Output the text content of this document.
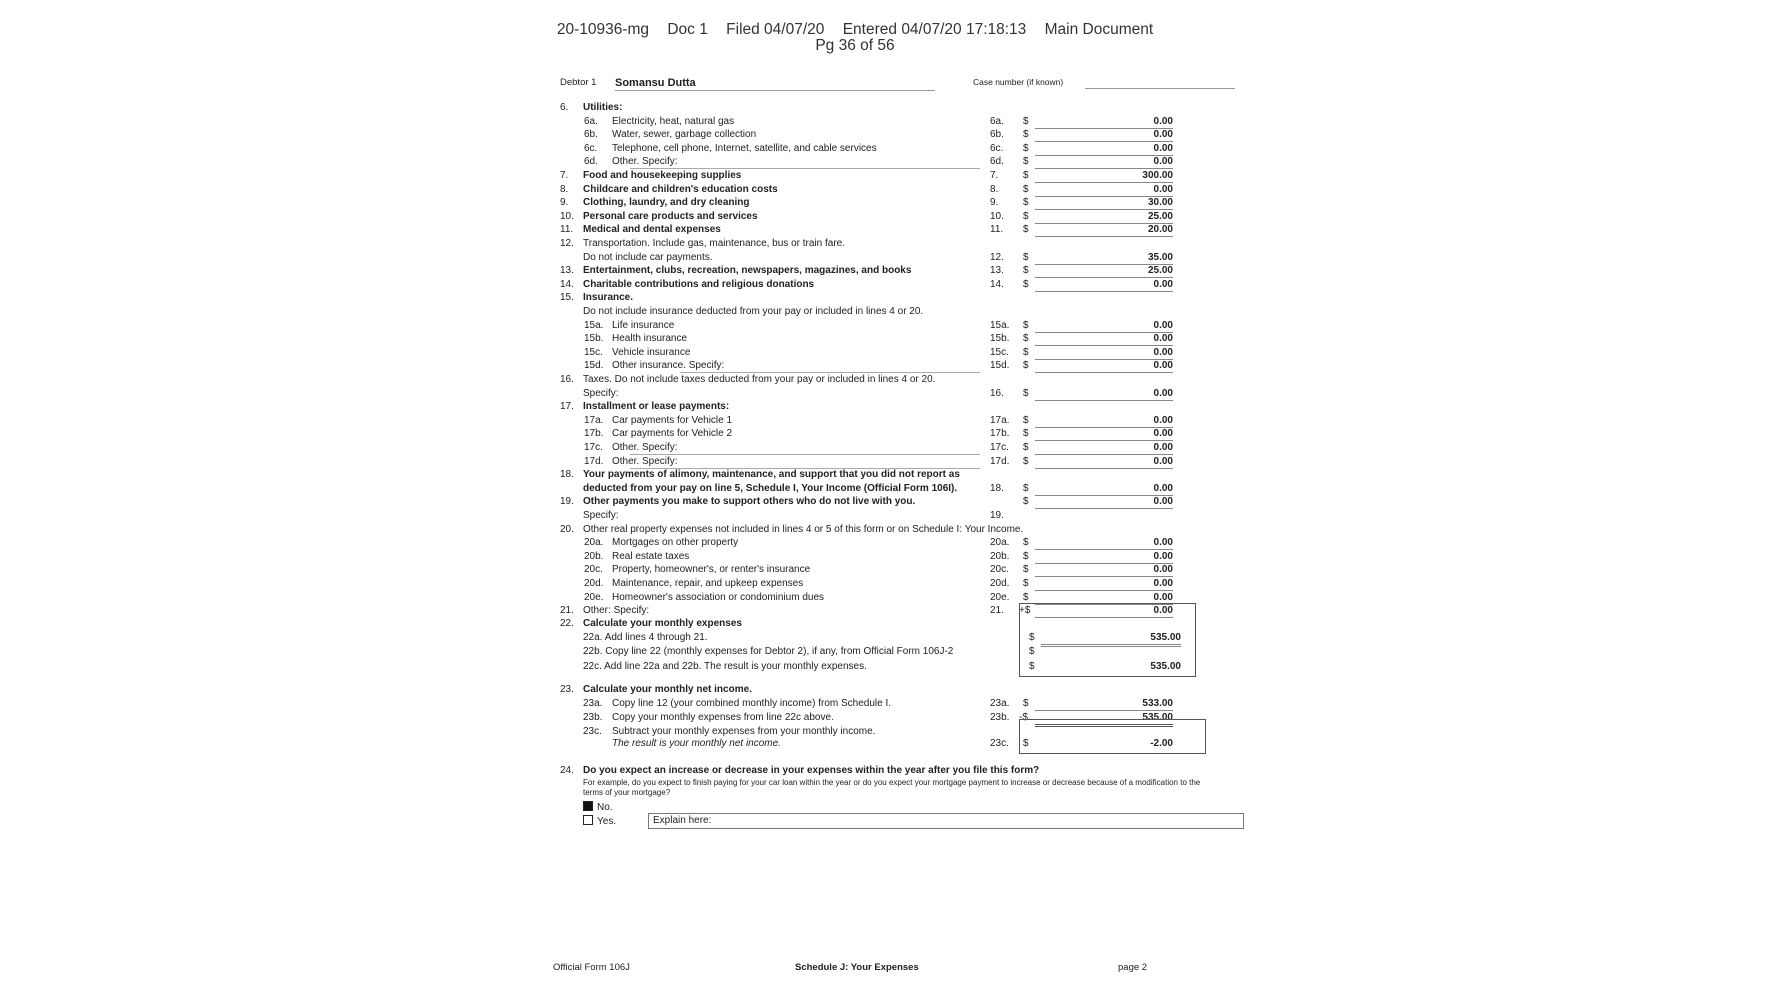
20-10936-mg Doc 1 Filed 04/07/20 Entered 04/07/20 17:18:13 Main Document
Pg 36 of 56
Debtor 1 Somansu Dutta	Case number (if known)
6.	Utilities:
6a.	Electricity, heat, natural gas	6a.	$	0.00
6b.	Water, sewer, garbage collection	6b.	$	0.00
6c.	Telephone, cell phone, Internet, satellite, and cable services	6c.	$	0.00
6d.	Other. Specify:	6d.	$	0.00
7.	Food and housekeeping supplies	7.	$	300.00
8.	Childcare and children's education costs	8.	$	0.00
9.	Clothing, laundry, and dry cleaning	9.	$	30.00
10. Personal care products and services	10.	$	25.00
11. Medical and dental expenses	11.	$	20.00
12. Transportation. Include gas, maintenance, bus or train fare.
Do not include car payments.	12.	$	35.00
13. Entertainment, clubs, recreation, newspapers, magazines, and books	13.	$	25.00
14. Charitable contributions and religious donations	14.	$	0.00
15. Insurance.
Do not include insurance deducted from your pay or included in lines 4 or 20.
15a. Life insurance	15a.	$	0.00
15b. Health insurance	15b.	$	0.00
15c. Vehicle insurance	15c.	$	0.00
15d. Other insurance. Specify:	15d.	$	0.00
16. Taxes. Do not include taxes deducted from your pay or included in lines 4 or 20.
Specify:	16.	$	0.00
17. Installment or lease payments:
17a. Car payments for Vehicle 1	17a.	$	0.00
17b. Car payments for Vehicle 2	17b.	$	0.00
17c. Other. Specify:	17c.	$	0.00
17d. Other. Specify:	17d.	$	0.00
18. Your payments of alimony, maintenance, and support that you did not report as
deducted from your pay on line 5, Schedule I, Your Income (Official Form 106I).	18.	$	0.00
19. Other payments you make to support others who do not live with you.	$	0.00
Specify:	19.
20. Other real property expenses not included in lines 4 or 5 of this form or on Schedule I: Your Income.
20a. Mortgages on other property	20a.	$	0.00
20b. Real estate taxes	20b.	$	0.00
20c. Property, homeowner's, or renter's insurance	20c.	$	0.00
20d. Maintenance, repair, and upkeep expenses	20d.	$	0.00
20e. Homeowner's association or condominium dues	20e.	$	0.00
21. Other: Specify:	21.	+$	0.00
22. Calculate your monthly expenses
22a. Add lines 4 through 21.	$	535.00
22b. Copy line 22 (monthly expenses for Debtor 2), if any, from Official Form 106J-2	$
22c. Add line 22a and 22b. The result is your monthly expenses.	$	535.00
23. Calculate your monthly net income.
23a. Copy line 12 (your combined monthly income) from Schedule I.	23a.	$	533.00
23b. Copy your monthly expenses from line 22c above.	23b. -$	535.00
23c.	Subtract your monthly expenses from your monthly income.
The result is your monthly net income.	23c.	$	-2.00
24. Do you expect an increase or decrease in your expenses within the year after you file this form?
For example, do you expect to finish paying for your car loan within the year or do you expect your mortgage payment to increase or decrease because of a modification to the terms of your mortgage?
No.
Yes.	Explain here:
Official Form 106J	Schedule J: Your Expenses	page 2
